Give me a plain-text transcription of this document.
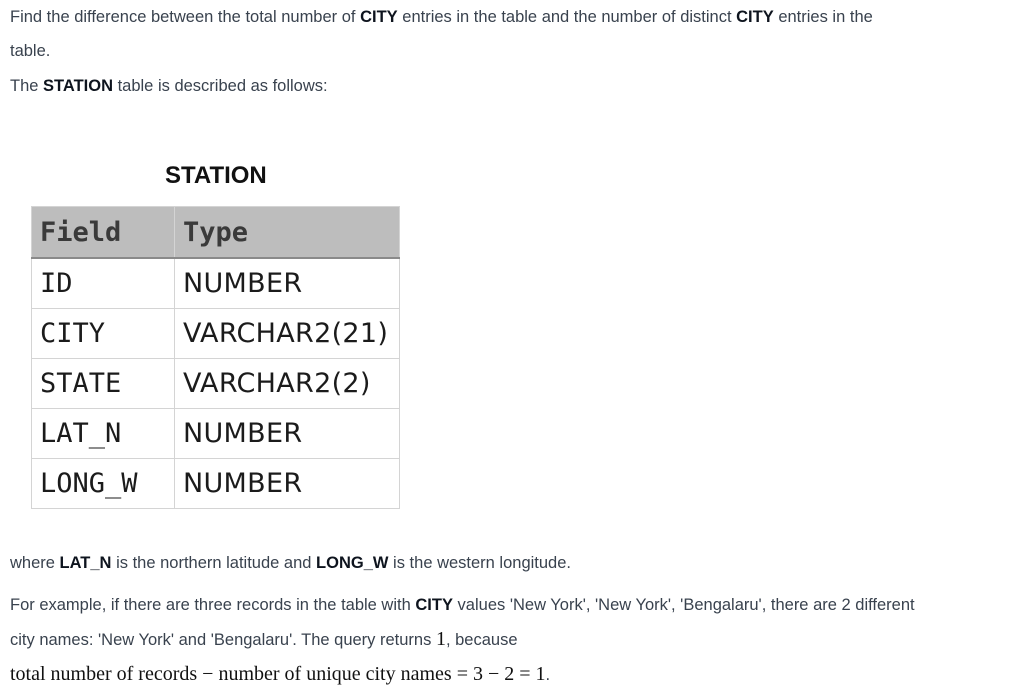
Find the difference between the total number of CITY entries in the table and the number of distinct CITY entries in the
table.
The STATION table is described as follows:
STATION
Field	Type
ID	NUMBER
CITY	VARCHAR2(21)
STATE	VARCHAR2(2)
LAT_N	NUMBER
LONG_W	NUMBER
where LAT_N is the northern latitude and LONG_W is the western longitude.
For example, if there are three records in the table with CITY values 'New York', 'New York', 'Bengalaru', there are 2 different
city names: 'New York' and 'Bengalaru'. The query returns 1, because
total number of records − number of unique city names = 3 − 2 = 1.
